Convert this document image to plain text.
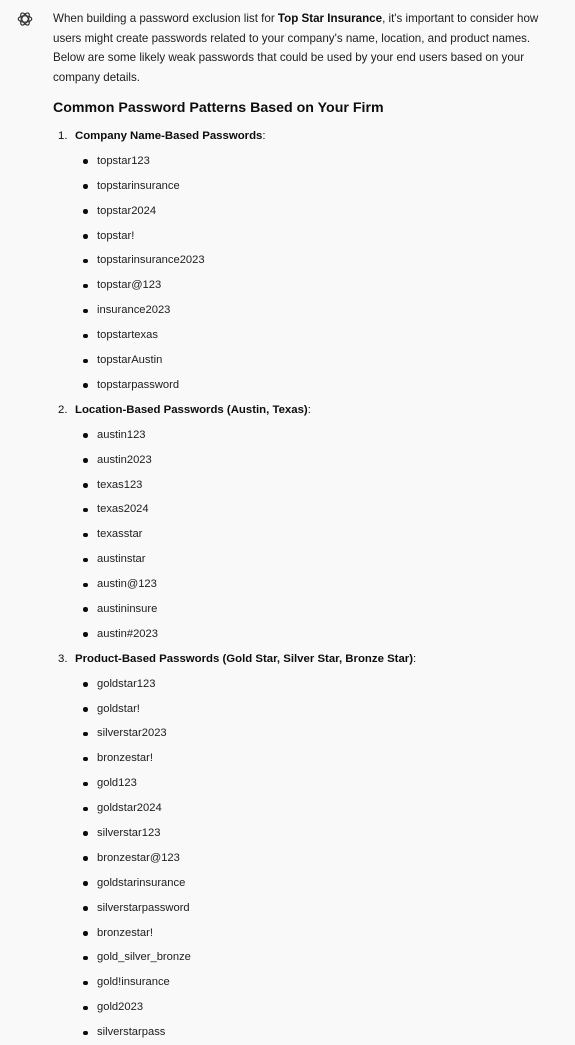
When building a password exclusion list for Top Star Insurance, it's important to consider how users might create passwords related to your company's name, location, and product names. Below are some likely weak passwords that could be used by your end users based on your company details.

Common Password Patterns Based on Your Firm
1. Company Name-Based Passwords:
topstar123
topstarinsurance
topstar2024
topstar!
topstarinsurance2023
topstar@123
insurance2023
topstartexas
topstarAustin
topstarpassword
2. Location-Based Passwords (Austin, Texas):
austin123
austin2023
texas123
texas2024
texasstar
austinstar
austin@123
austininsure
austin#2023
3. Product-Based Passwords (Gold Star, Silver Star, Bronze Star):
goldstar123
goldstar!
silverstar2023
bronzestar!
gold123
goldstar2024
silverstar123
bronzestar@123
goldstarinsurance
silverstarpassword
bronzestar!
gold_silver_bronze
gold!insurance
gold2023
silverstarpass
